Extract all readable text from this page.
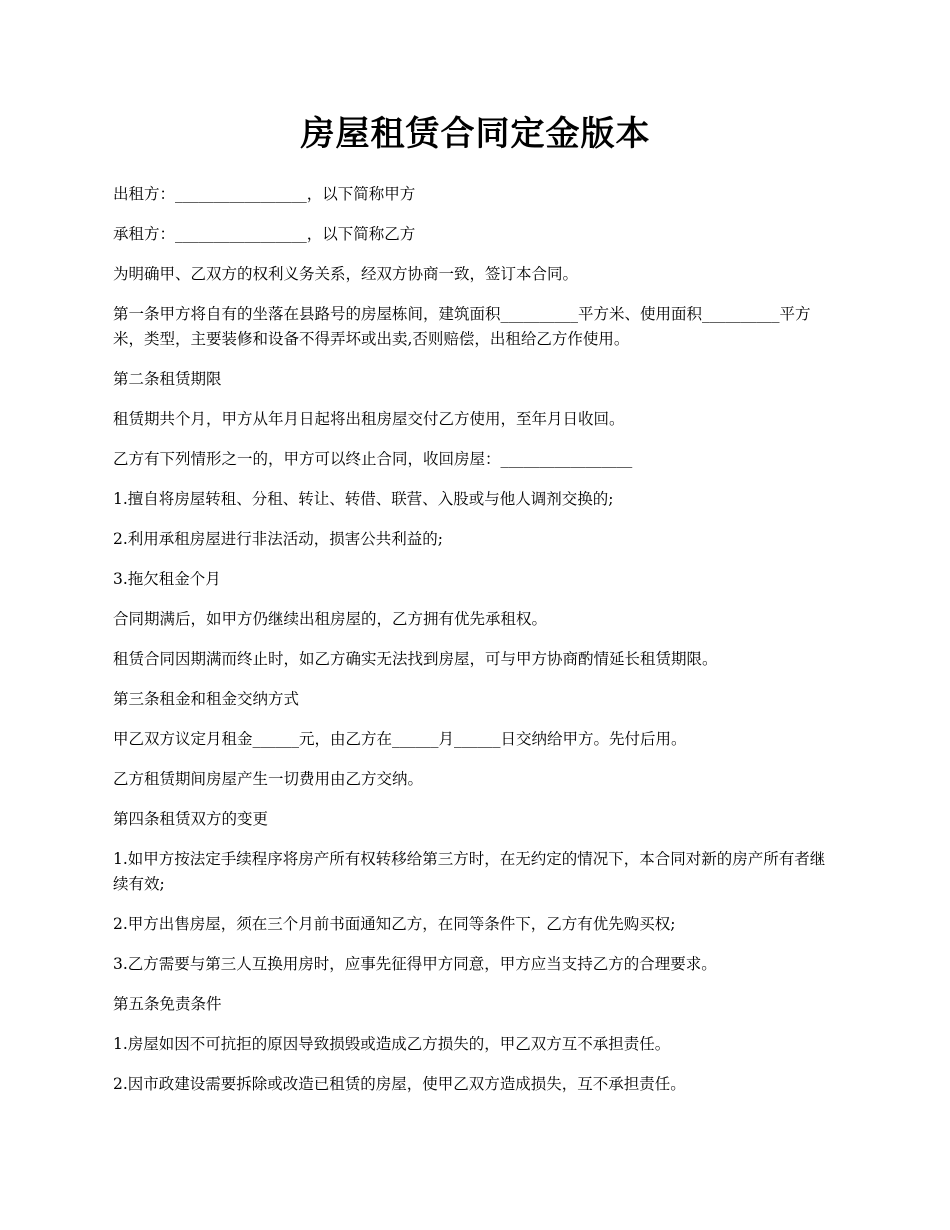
房屋租赁合同定金版本

出租方：_________________，以下简称甲方

承租方：_________________，以下简称乙方

为明确甲、乙双方的权利义务关系，经双方协商一致，签订本合同。

第一条甲方将自有的坐落在县路号的房屋栋间，建筑面积__________平方米、使用面积__________平方米，类型，主要装修和设备不得弄坏或出卖,否则赔偿，出租给乙方作使用。

第二条租赁期限

租赁期共个月，甲方从年月日起将出租房屋交付乙方使用，至年月日收回。

乙方有下列情形之一的，甲方可以终止合同，收回房屋：_________________

1.擅自将房屋转租、分租、转让、转借、联营、入股或与他人调剂交换的;

2.利用承租房屋进行非法活动，损害公共利益的;

3.拖欠租金个月

合同期满后，如甲方仍继续出租房屋的，乙方拥有优先承租权。

租赁合同因期满而终止时，如乙方确实无法找到房屋，可与甲方协商酌情延长租赁期限。

第三条租金和租金交纳方式

甲乙双方议定月租金______元，由乙方在______月______日交纳给甲方。先付后用。

乙方租赁期间房屋产生一切费用由乙方交纳。

第四条租赁双方的变更

1.如甲方按法定手续程序将房产所有权转移给第三方时，在无约定的情况下，本合同对新的房产所有者继续有效;

2.甲方出售房屋，须在三个月前书面通知乙方，在同等条件下，乙方有优先购买权;

3.乙方需要与第三人互换用房时，应事先征得甲方同意，甲方应当支持乙方的合理要求。

第五条免责条件

1.房屋如因不可抗拒的原因导致损毁或造成乙方损失的，甲乙双方互不承担责任。

2.因市政建设需要拆除或改造已租赁的房屋，使甲乙双方造成损失，互不承担责任。
